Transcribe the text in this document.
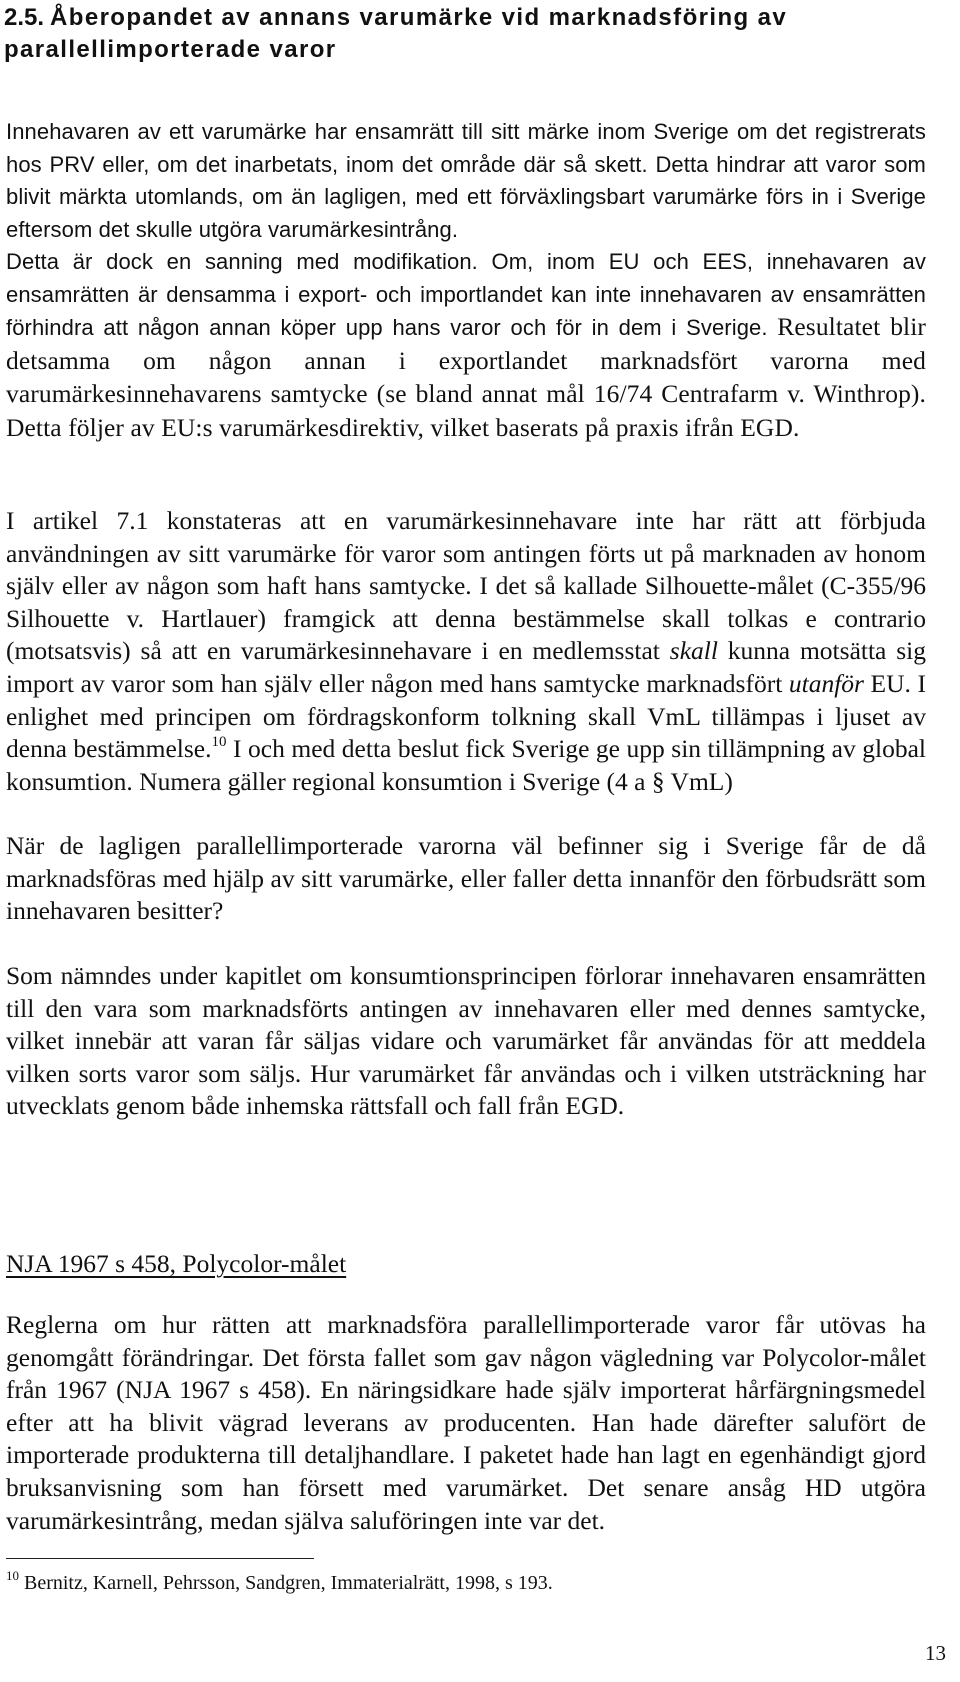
2.5. Åberopandet av annans varumärke vid marknadsföring av parallellimporterade varor

Innehavaren av ett varumärke har ensamrätt till sitt märke inom Sverige om det registrerats hos PRV eller, om det inarbetats, inom det område där så skett. Detta hindrar att varor som blivit märkta utomlands, om än lagligen, med ett förväxlingsbart varumärke förs in i Sverige eftersom det skulle utgöra varumärkesintrång.

Detta är dock en sanning med modifikation. Om, inom EU och EES, innehavaren av ensamrätten är densamma i export- och importlandet kan inte innehavaren av ensamrätten förhindra att någon annan köper upp hans varor och för in dem i Sverige. Resultatet blir detsamma om någon annan i exportlandet marknadsfört varorna med varumärkesinnehavarens samtycke (se bland annat mål 16/74 Centrafarm v. Winthrop). Detta följer av EU:s varumärkesdirektiv, vilket baserats på praxis ifrån EGD.

I artikel 7.1 konstateras att en varumärkesinnehavare inte har rätt att förbjuda användningen av sitt varumärke för varor som antingen förts ut på marknaden av honom själv eller av någon som haft hans samtycke. I det så kallade Silhouette-målet (C-355/96 Silhouette v. Hartlauer) framgick att denna bestämmelse skall tolkas e contrario (motsatsvis) så att en varumärkesinnehavare i en medlemsstat skall kunna motsätta sig import av varor som han själv eller någon med hans samtycke marknadsfört utanför EU. I enlighet med principen om fördragskonform tolkning skall VmL tillämpas i ljuset av denna bestämmelse.$^{10}$ I och med detta beslut fick Sverige ge upp sin tillämpning av global konsumtion. Numera gäller regional konsumtion i Sverige (4 a § VmL)

När de lagligen parallellimporterade varorna väl befinner sig i Sverige får de då marknadsföras med hjälp av sitt varumärke, eller faller detta innanför den förbudsrätt som innehavaren besitter?

Som nämndes under kapitlet om konsumtionsprincipen förlorar innehavaren ensamrätten till den vara som marknadsförts antingen av innehavaren eller med dennes samtycke, vilket innebär att varan får säljas vidare och varumärket får användas för att meddela vilken sorts varor som säljs. Hur varumärket får användas och i vilken utsträckning har utvecklats genom både inhemska rättsfall och fall från EGD.

NJA 1967 s 458, Polycolor-målet

Reglerna om hur rätten att marknadsföra parallellimporterade varor får utövas ha genomgått förändringar. Det första fallet som gav någon vägledning var Polycolor-målet från 1967 (NJA 1967 s 458). En näringsidkare hade själv importerat hårfärgningsmedel efter att ha blivit vägrad leverans av producenten. Han hade därefter salufört de importerade produkterna till detaljhandlare. I paketet hade han lagt en egenhändigt gjord bruksanvisning som han försett med varumärket. Det senare ansåg HD utgöra varumärkesintrång, medan själva saluföringen inte var det.

$^{10}$ Bernitz, Karnell, Pehrsson, Sandgren, Immaterialrätt, 1998, s 193.

13
